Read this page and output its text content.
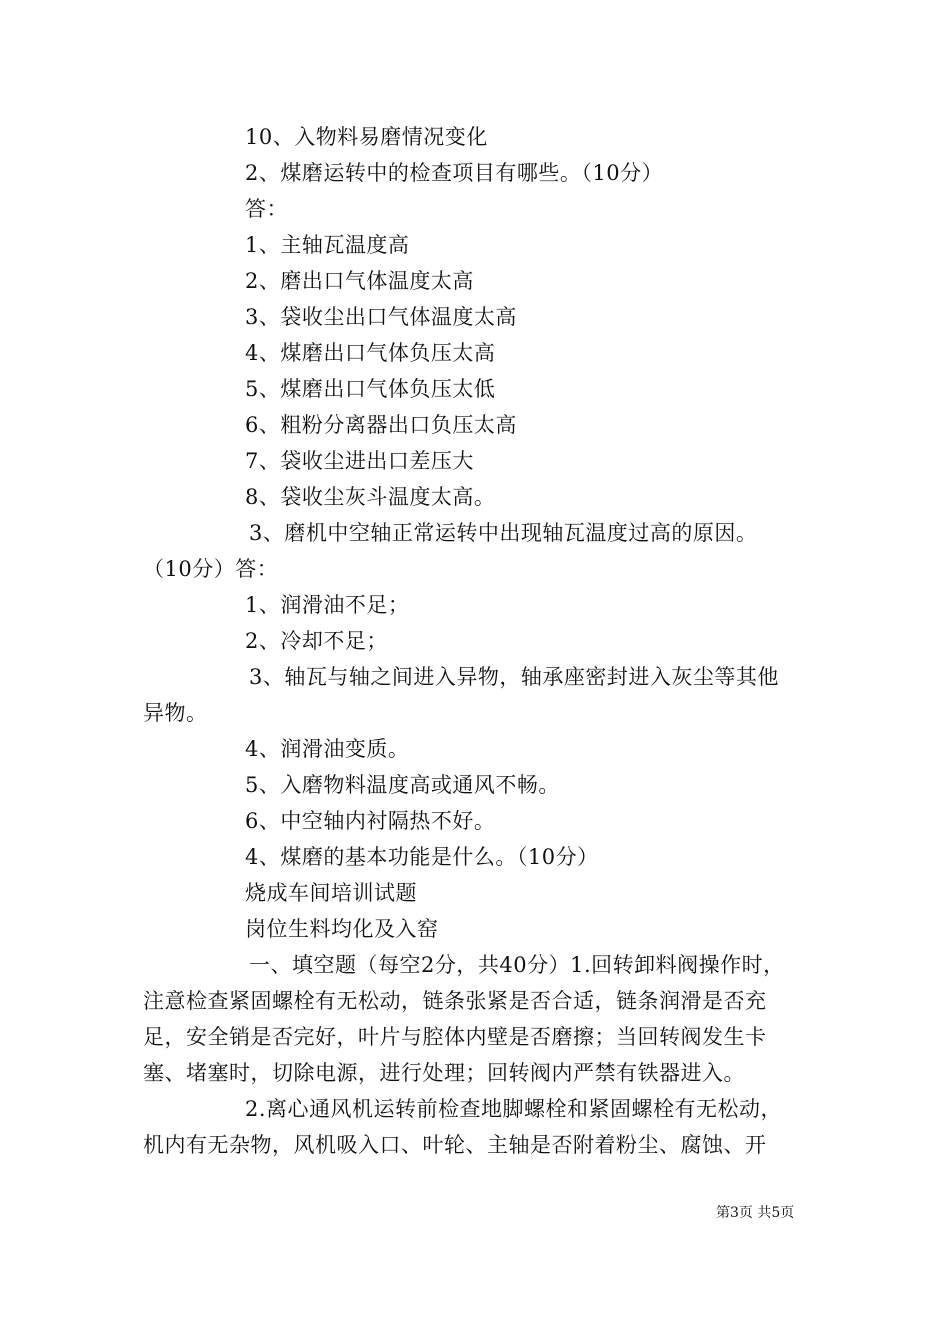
10、入物料易磨情况变化
2、煤磨运转中的检查项目有哪些。（10分）
答：
1、主轴瓦温度高
2、磨出口气体温度太高
3、袋收尘出口气体温度太高
4、煤磨出口气体负压太高
5、煤磨出口气体负压太低
6、粗粉分离器出口负压太高
7、袋收尘进出口差压大
8、袋收尘灰斗温度太高。
3、磨机中空轴正常运转中出现轴瓦温度过高的原因。
（10分）答：
1、润滑油不足；
2、冷却不足；
3、轴瓦与轴之间进入异物，轴承座密封进入灰尘等其他
异物。
4、润滑油变质。
5、入磨物料温度高或通风不畅。
6、中空轴内衬隔热不好。
4、煤磨的基本功能是什么。（10分）
烧成车间培训试题
岗位生料均化及入窑
一、填空题（每空2分，共40分）1.回转卸料阀操作时，
注意检查紧固螺栓有无松动，链条张紧是否合适，链条润滑是否充
足，安全销是否完好，叶片与腔体内壁是否磨擦；当回转阀发生卡
塞、堵塞时，切除电源，进行处理；回转阀内严禁有铁器进入。
2.离心通风机运转前检查地脚螺栓和紧固螺栓有无松动，
机内有无杂物，风机吸入口、叶轮、主轴是否附着粉尘、腐蚀、开
第3页 共5页
